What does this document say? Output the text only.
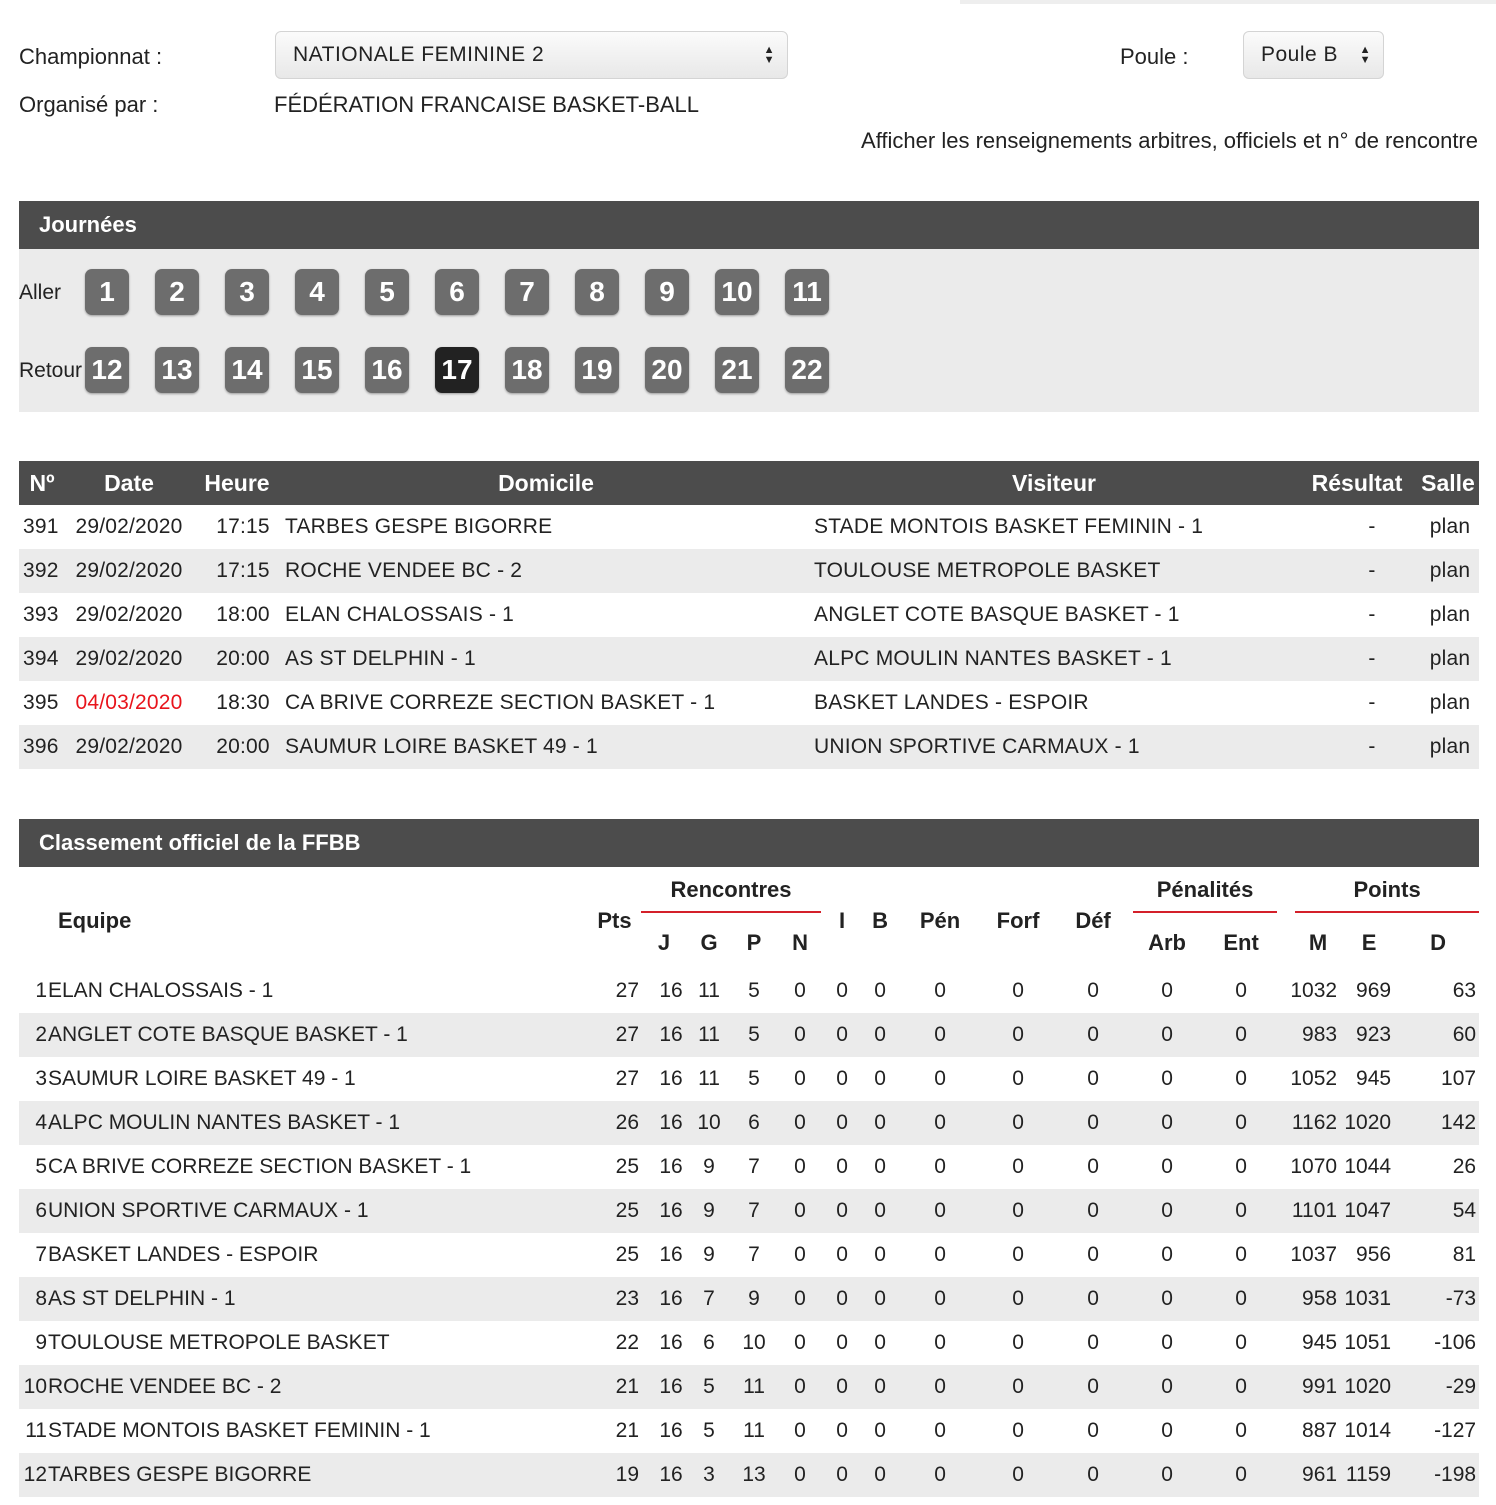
Championnat :	NATIONALE FEMININE 2	▲
▼	Poule :	Poule B ▲
▼
Organisé par :	FÉDÉRATION FRANCAISE BASKET-BALL
Afficher les renseignements arbitres, officiels et n° de rencontre
Journées
Aller
Retour
1	2	3	4	5	6	7	8	9	10 11
12 13 14 15 16 17 18 19 20 21 22
Nº	Date	Heure	Domicile	Visiteur	Résultat	Salle
391	29/02/2020	17:15	TARBES GESPE BIGORRE	STADE MONTOIS BASKET FEMININ - 1	-	plan
392	29/02/2020	17:15	ROCHE VENDEE BC - 2	TOULOUSE METROPOLE BASKET	-	plan
393	29/02/2020	18:00	ELAN CHALOSSAIS - 1	ANGLET COTE BASQUE BASKET - 1	-	plan
394	29/02/2020	20:00	AS ST DELPHIN - 1	ALPC MOULIN NANTES BASKET - 1	-	plan
395	04/03/2020	18:30	CA BRIVE CORREZE SECTION BASKET - 1	BASKET LANDES - ESPOIR	-	plan
396	29/02/2020	20:00	SAUMUR LOIRE BASKET 49 - 1	UNION SPORTIVE CARMAUX - 1	-	plan
Classement officiel de la FFBB
	Equipe	Pts	Rencontres				I	B	Pén	Forf	Déf	Pénalités		Points		

			J	G	P	N						Arb	Ent	M	E	D
1	ELAN CHALOSSAIS - 1	27	16	11	5	0	0	0	0	0	0	0	0	1032	969	63
2	ANGLET COTE BASQUE BASKET - 1	27	16	11	5	0	0	0	0	0	0	0	0	983	923	60
3	SAUMUR LOIRE BASKET 49 - 1	27	16	11	5	0	0	0	0	0	0	0	0	1052	945	107
4	ALPC MOULIN NANTES BASKET - 1	26	16	10	6	0	0	0	0	0	0	0	0	1162	1020	142
5	CA BRIVE CORREZE SECTION BASKET - 1	25	16	9	7	0	0	0	0	0	0	0	0	1070	1044	26
6	UNION SPORTIVE CARMAUX - 1	25	16	9	7	0	0	0	0	0	0	0	0	1101	1047	54
7	BASKET LANDES - ESPOIR	25	16	9	7	0	0	0	0	0	0	0	0	1037	956	81
8	AS ST DELPHIN - 1	23	16	7	9	0	0	0	0	0	0	0	0	958	1031	-73
9	TOULOUSE METROPOLE BASKET	22	16	6	10	0	0	0	0	0	0	0	0	945	1051	-106
10	ROCHE VENDEE BC - 2	21	16	5	11	0	0	0	0	0	0	0	0	991	1020	-29
11	STADE MONTOIS BASKET FEMININ - 1	21	16	5	11	0	0	0	0	0	0	0	0	887	1014	-127
12	TARBES GESPE BIGORRE	19	16	3	13	0	0	0	0	0	0	0	0	961	1159	-198
